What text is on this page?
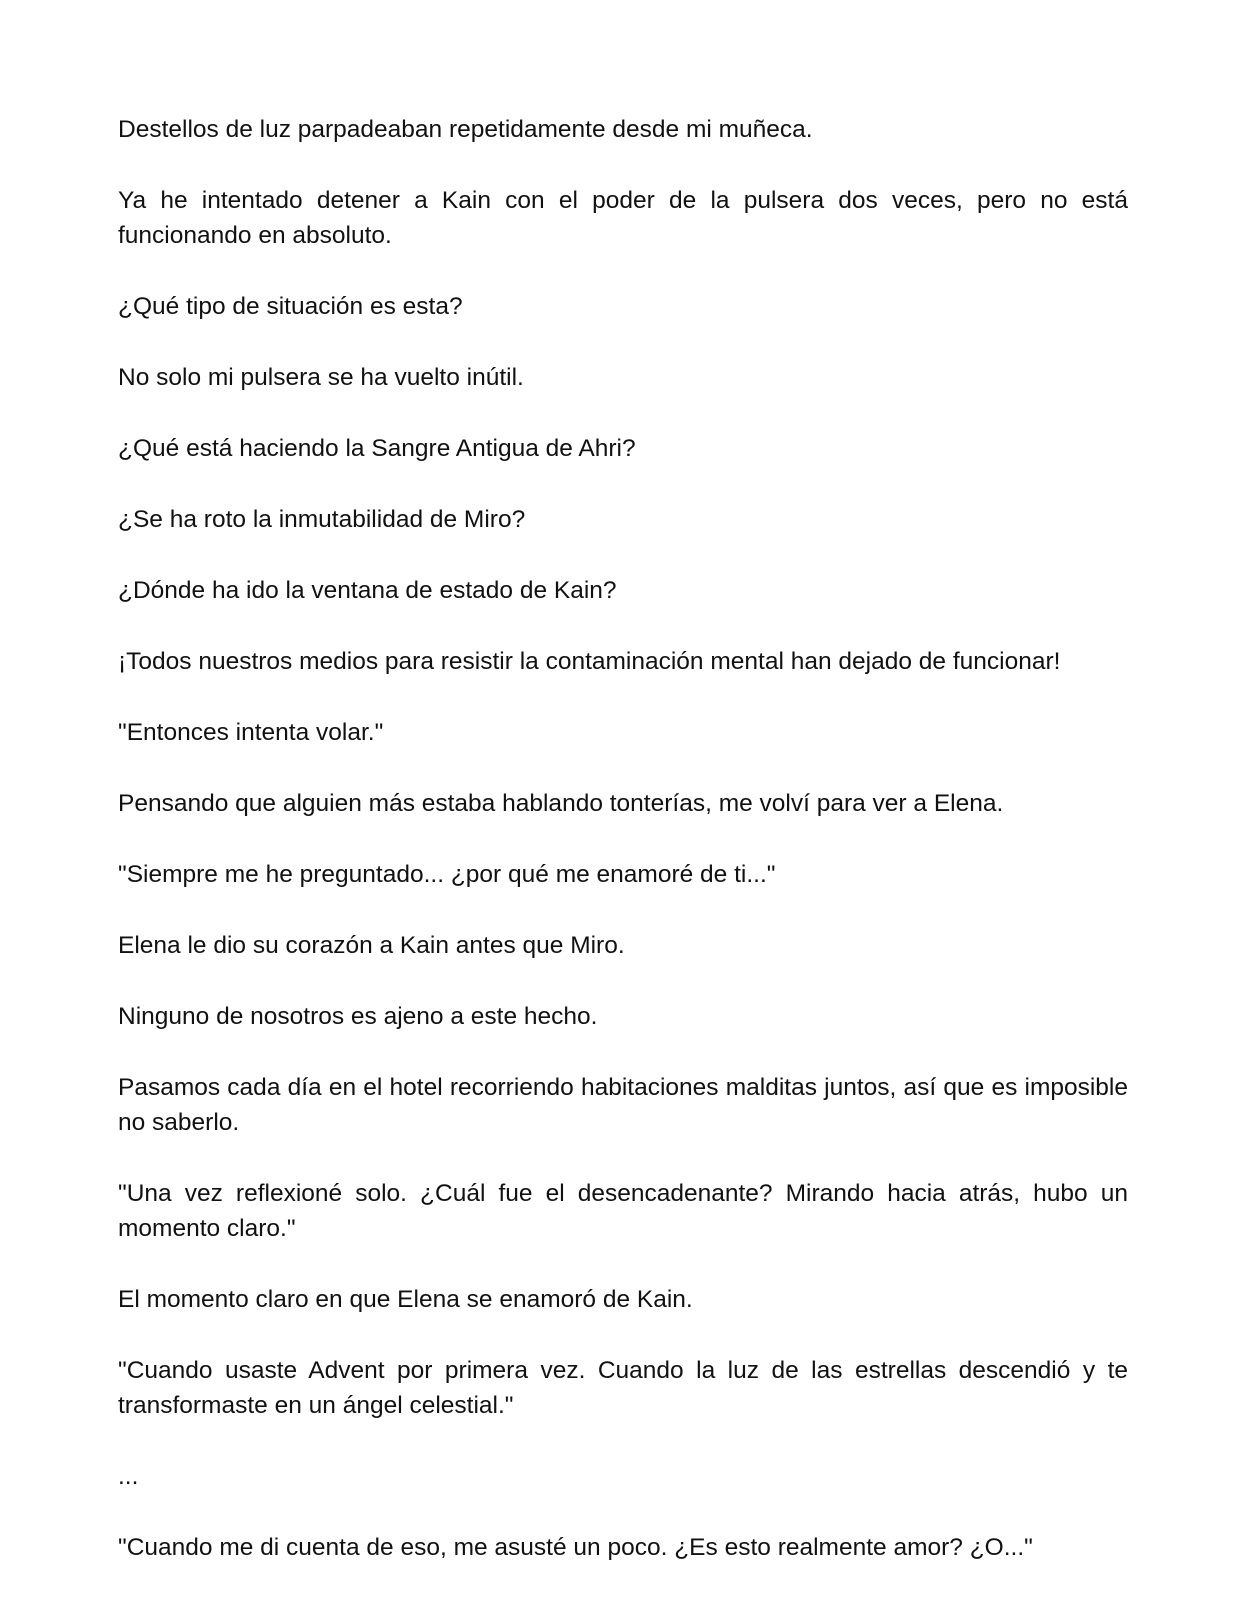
Destellos de luz parpadeaban repetidamente desde mi muñeca.

Ya he intentado detener a Kain con el poder de la pulsera dos veces, pero no está funcionando en absoluto.

¿Qué tipo de situación es esta?

No solo mi pulsera se ha vuelto inútil.

¿Qué está haciendo la Sangre Antigua de Ahri?

¿Se ha roto la inmutabilidad de Miro?

¿Dónde ha ido la ventana de estado de Kain?

¡Todos nuestros medios para resistir la contaminación mental han dejado de funcionar!

"Entonces intenta volar."

Pensando que alguien más estaba hablando tonterías, me volví para ver a Elena.

"Siempre me he preguntado... ¿por qué me enamoré de ti..."

Elena le dio su corazón a Kain antes que Miro.

Ninguno de nosotros es ajeno a este hecho.

Pasamos cada día en el hotel recorriendo habitaciones malditas juntos, así que es imposible no saberlo.

"Una vez reflexioné solo. ¿Cuál fue el desencadenante? Mirando hacia atrás, hubo un momento claro."

El momento claro en que Elena se enamoró de Kain.

"Cuando usaste Advent por primera vez. Cuando la luz de las estrellas descendió y te transformaste en un ángel celestial."

...

"Cuando me di cuenta de eso, me asusté un poco. ¿Es esto realmente amor? ¿O..."
